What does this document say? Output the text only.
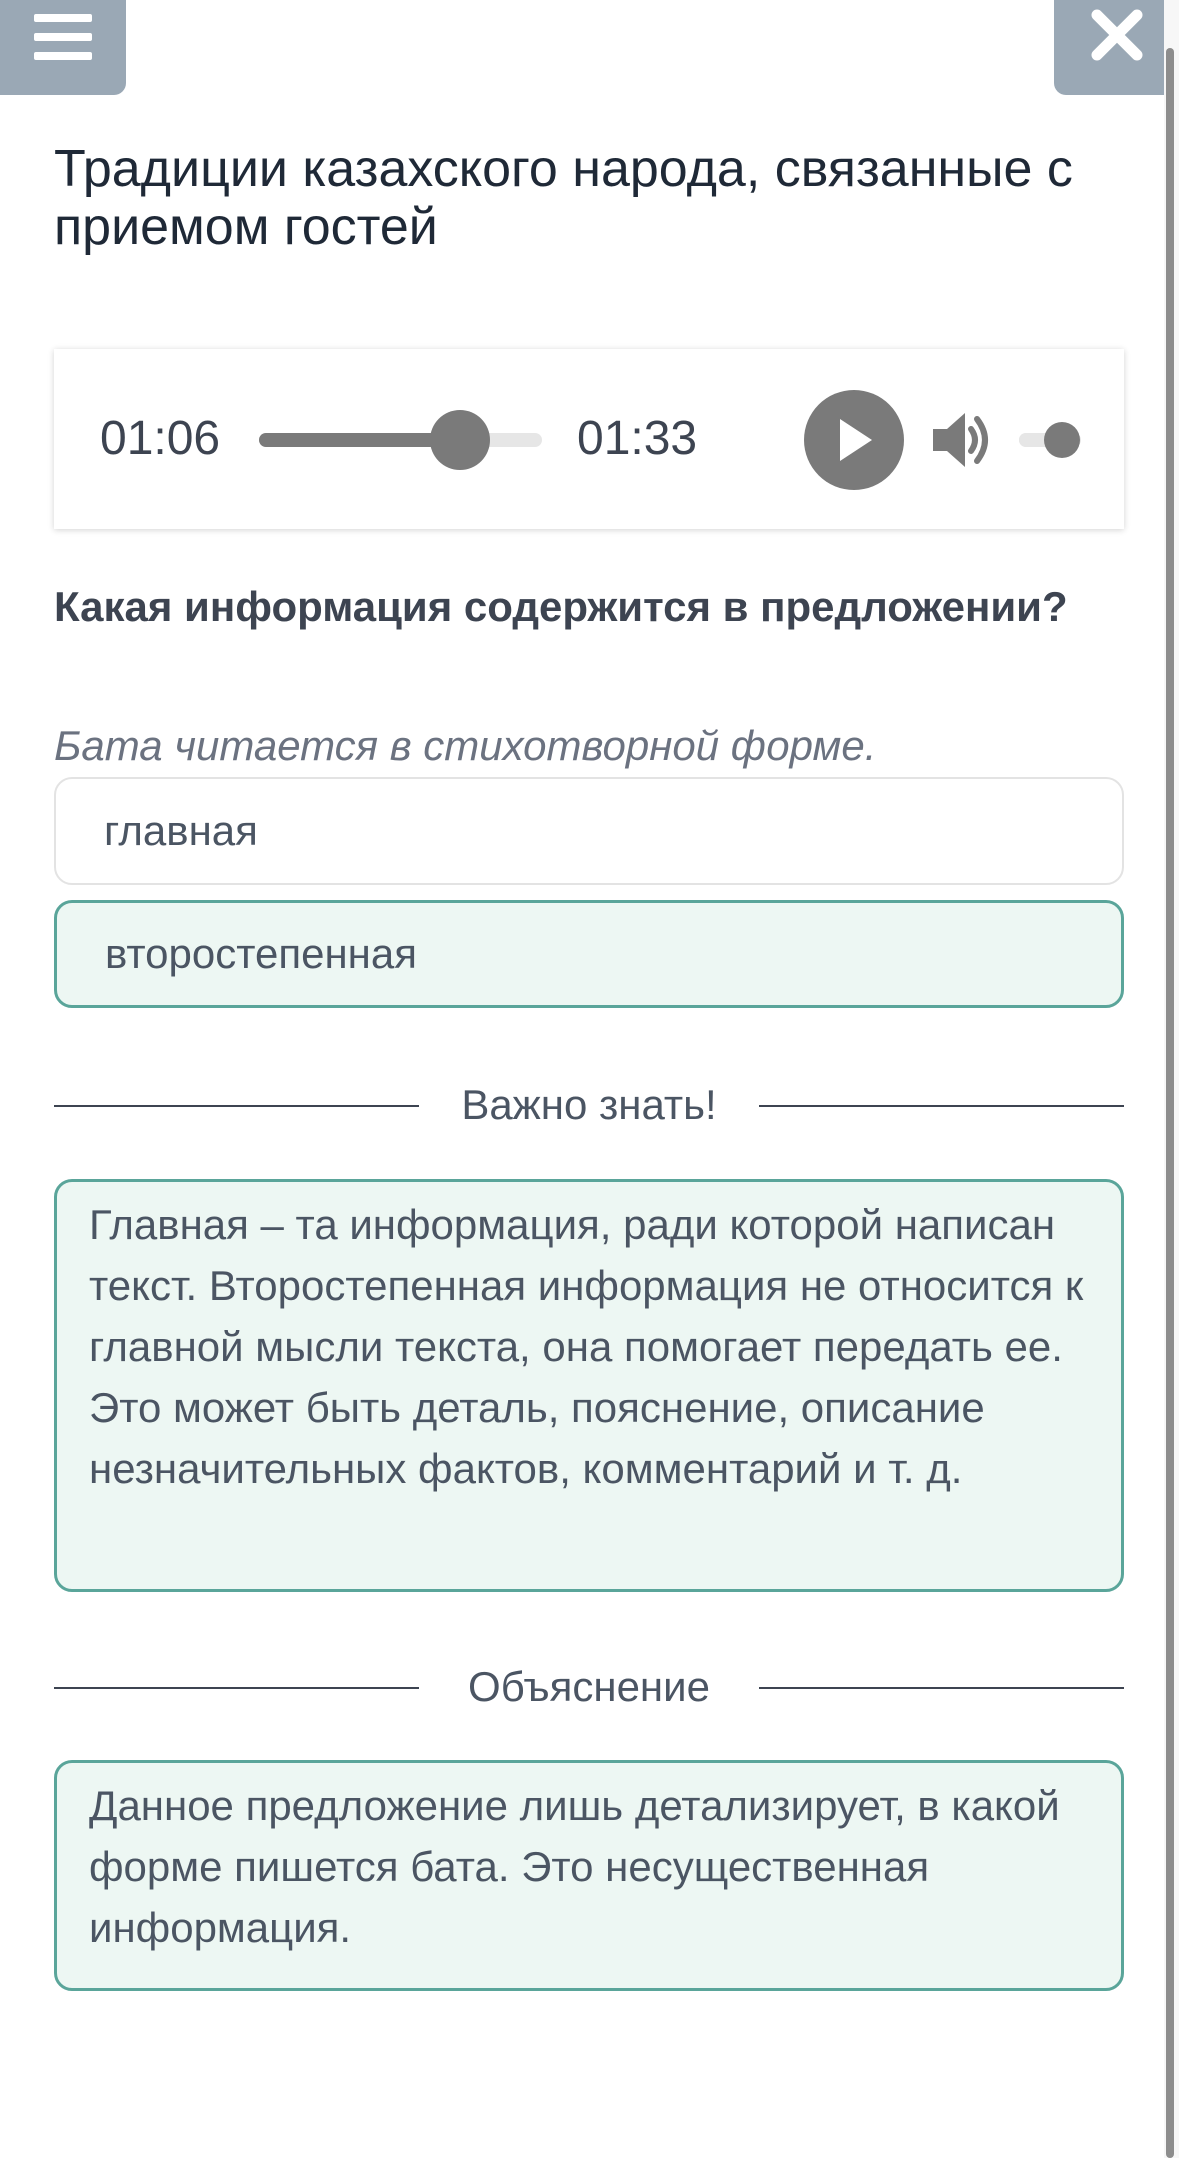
Традиции казахского народа, связанные с приемом гостей
01:06	01:33
Какая информация содержится в предложении?
Бата читается в стихотворной форме.
главная
второстепенная
Важно знать!
Главная – та информация, ради которой написан текст. Второстепенная информация не относится к главной мысли текста, она помогает передать ее. Это может быть деталь, пояснение, описание незначительных фактов, комментарий и т. д.
Объяснение
Данное предложение лишь детализирует, в какой форме пишется бата. Это несущественная информация.
